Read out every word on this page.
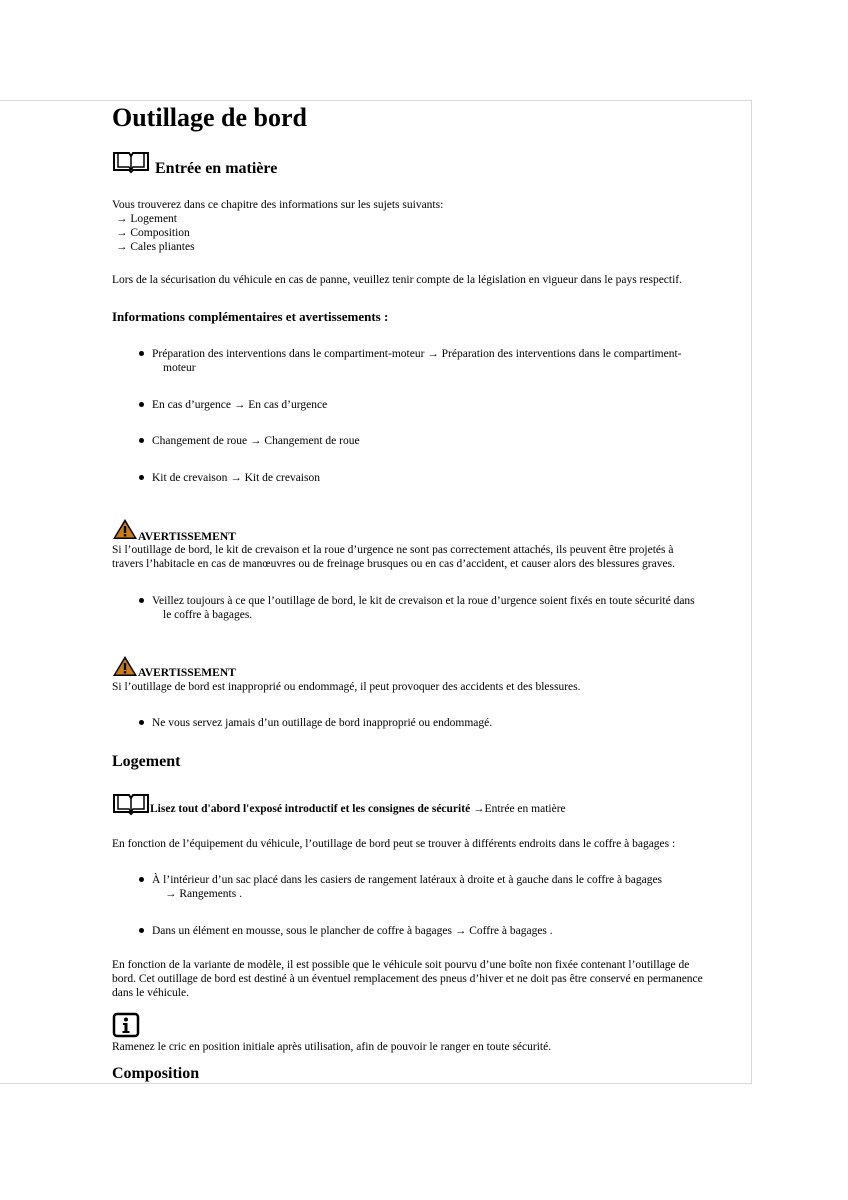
Outillage de bord
Entrée en matière
Vous trouverez dans ce chapitre des informations sur les sujets suivants:
→ Logement
→ Composition
→ Cales pliantes
Lors de la sécurisation du véhicule en cas de panne, veuillez tenir compte de la législation en vigueur dans le pays respectif.
Informations complémentaires et avertissements :
Préparation des interventions dans le compartiment-moteur → Préparation des interventions dans le compartiment-
moteur
En cas d’urgence → En cas d’urgence
Changement de roue → Changement de roue
Kit de crevaison → Kit de crevaison
AVERTISSEMENT
Si l’outillage de bord, le kit de crevaison et la roue d’urgence ne sont pas correctement attachés, ils peuvent être projetés à
travers l’habitacle en cas de manœuvres ou de freinage brusques ou en cas d’accident, et causer alors des blessures graves.
Veillez toujours à ce que l’outillage de bord, le kit de crevaison et la roue d’urgence soient fixés en toute sécurité dans
le coffre à bagages.
AVERTISSEMENT
Si l’outillage de bord est inapproprié ou endommagé, il peut provoquer des accidents et des blessures.
Ne vous servez jamais d’un outillage de bord inapproprié ou endommagé.
Logement
Lisez tout d'abord l'exposé introductif et les consignes de sécurité →Entrée en matière
En fonction de l’équipement du véhicule, l’outillage de bord peut se trouver à différents endroits dans le coffre à bagages :
À l’intérieur d’un sac placé dans les casiers de rangement latéraux à droite et à gauche dans le coffre à bagages
→ Rangements .
Dans un élément en mousse, sous le plancher de coffre à bagages → Coffre à bagages .
En fonction de la variante de modèle, il est possible que le véhicule soit pourvu d’une boîte non fixée contenant l’outillage de
bord. Cet outillage de bord est destiné à un éventuel remplacement des pneus d’hiver et ne doit pas être conservé en permanence
dans le véhicule.
Ramenez le cric en position initiale après utilisation, afin de pouvoir le ranger en toute sécurité.
Composition
